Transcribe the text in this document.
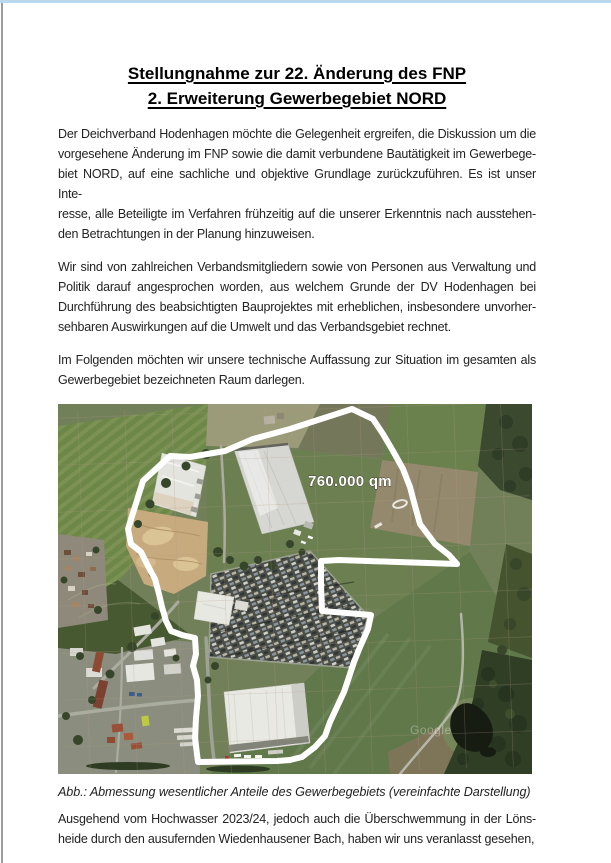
Stellungnahme zur 22. Änderung des FNP
2. Erweiterung Gewerbegebiet NORD
Der Deichverband Hodenhagen möchte die Gelegenheit ergreifen, die Diskussion um die
vorgesehene Änderung im FNP sowie die damit verbundene Bautätigkeit im Gewerbege-
biet NORD, auf eine sachliche und objektive Grundlage zurückzuführen. Es ist unser Inte-
resse, alle Beteiligte im Verfahren frühzeitig auf die unserer Erkenntnis nach ausstehen-
den Betrachtungen in der Planung hinzuweisen.
Wir sind von zahlreichen Verbandsmitgliedern sowie von Personen aus Verwaltung und
Politik darauf angesprochen worden, aus welchem Grunde der DV Hodenhagen bei
Durchführung des beabsichtigten Bauprojektes mit erheblichen, insbesondere unvorher-
sehbaren Auswirkungen auf die Umwelt und das Verbandsgebiet rechnet.
Im Folgenden möchten wir unsere technische Auffassung zur Situation im gesamten als
Gewerbegebiet bezeichneten Raum darlegen.
760.000 qm
Google
Abb.: Abmessung wesentlicher Anteile des Gewerbegebiets (vereinfachte Darstellung)
Ausgehend vom Hochwasser 2023/24, jedoch auch die Überschwemmung in der Löns-
heide durch den ausufernden Wiedenhausener Bach, haben wir uns veranlasst gesehen,
